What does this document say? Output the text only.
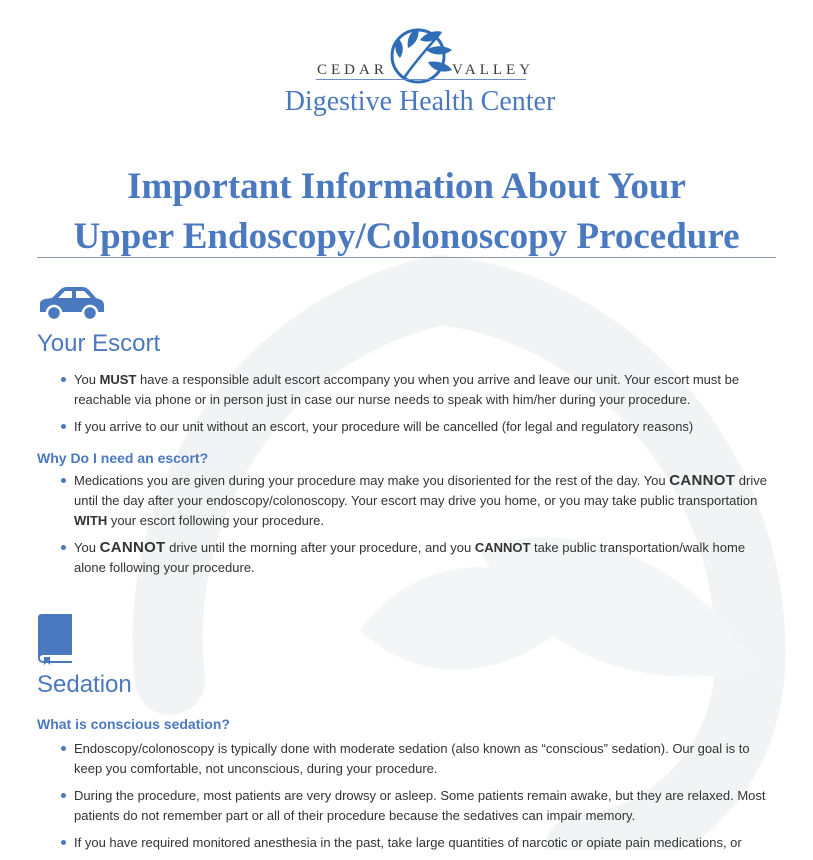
CEDAR	VALLEY
Digestive Health Center
Important Information About Your
Upper Endoscopy/Colonoscopy Procedure
Your Escort
You MUST have a responsible adult escort accompany you when you arrive and leave our unit. Your escort must be reachable via phone or in person just in case our nurse needs to speak with him/her during your procedure.
If you arrive to our unit without an escort, your procedure will be cancelled (for legal and regulatory reasons)
Why Do I need an escort?
Medications you are given during your procedure may make you disoriented for the rest of the day. You CANNOT drive until the day after your endoscopy/colonoscopy. Your escort may drive you home, or you may take public transportation WITH your escort following your procedure.
You CANNOT drive until the morning after your procedure, and you CANNOT take public transportation/walk home alone following your procedure.
Sedation
What is conscious sedation?
Endoscopy/colonoscopy is typically done with moderate sedation (also known as “conscious” sedation). Our goal is to keep you comfortable, not unconscious, during your procedure.
During the procedure, most patients are very drowsy or asleep. Some patients remain awake, but they are relaxed. Most patients do not remember part or all of their procedure because the sedatives can impair memory.
If you have required monitored anesthesia in the past, take large quantities of narcotic or opiate pain medications, or
